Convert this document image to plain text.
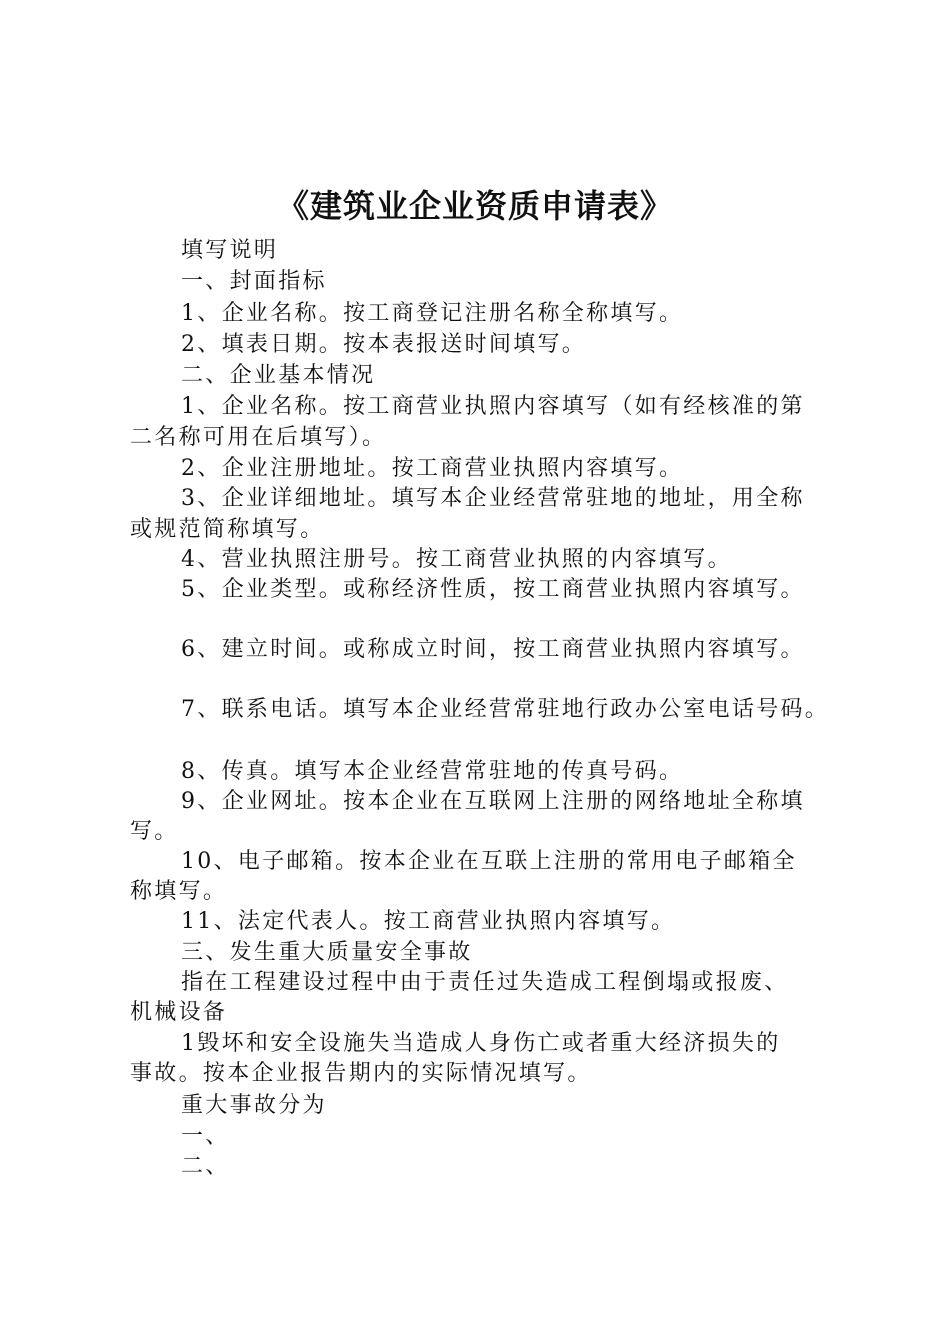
《建筑业企业资质申请表》
填写说明
一、封面指标
1、企业名称。按工商登记注册名称全称填写。
2、填表日期。按本表报送时间填写。
二、企业基本情况
1、企业名称。按工商营业执照内容填写（如有经核准的第
二名称可用在后填写）。
2、企业注册地址。按工商营业执照内容填写。
3、企业详细地址。填写本企业经营常驻地的地址，用全称
或规范简称填写。
4、营业执照注册号。按工商营业执照的内容填写。
5、企业类型。或称经济性质，按工商营业执照内容填写。
6、建立时间。或称成立时间，按工商营业执照内容填写。
7、联系电话。填写本企业经营常驻地行政办公室电话号码。
8、传真。填写本企业经营常驻地的传真号码。
9、企业网址。按本企业在互联网上注册的网络地址全称填
写。
10、电子邮箱。按本企业在互联上注册的常用电子邮箱全
称填写。
11、法定代表人。按工商营业执照内容填写。
三、发生重大质量安全事故
指在工程建设过程中由于责任过失造成工程倒塌或报废、
机械设备
1毁坏和安全设施失当造成人身伤亡或者重大经济损失的
事故。按本企业报告期内的实际情况填写。
重大事故分为
一、
二、
